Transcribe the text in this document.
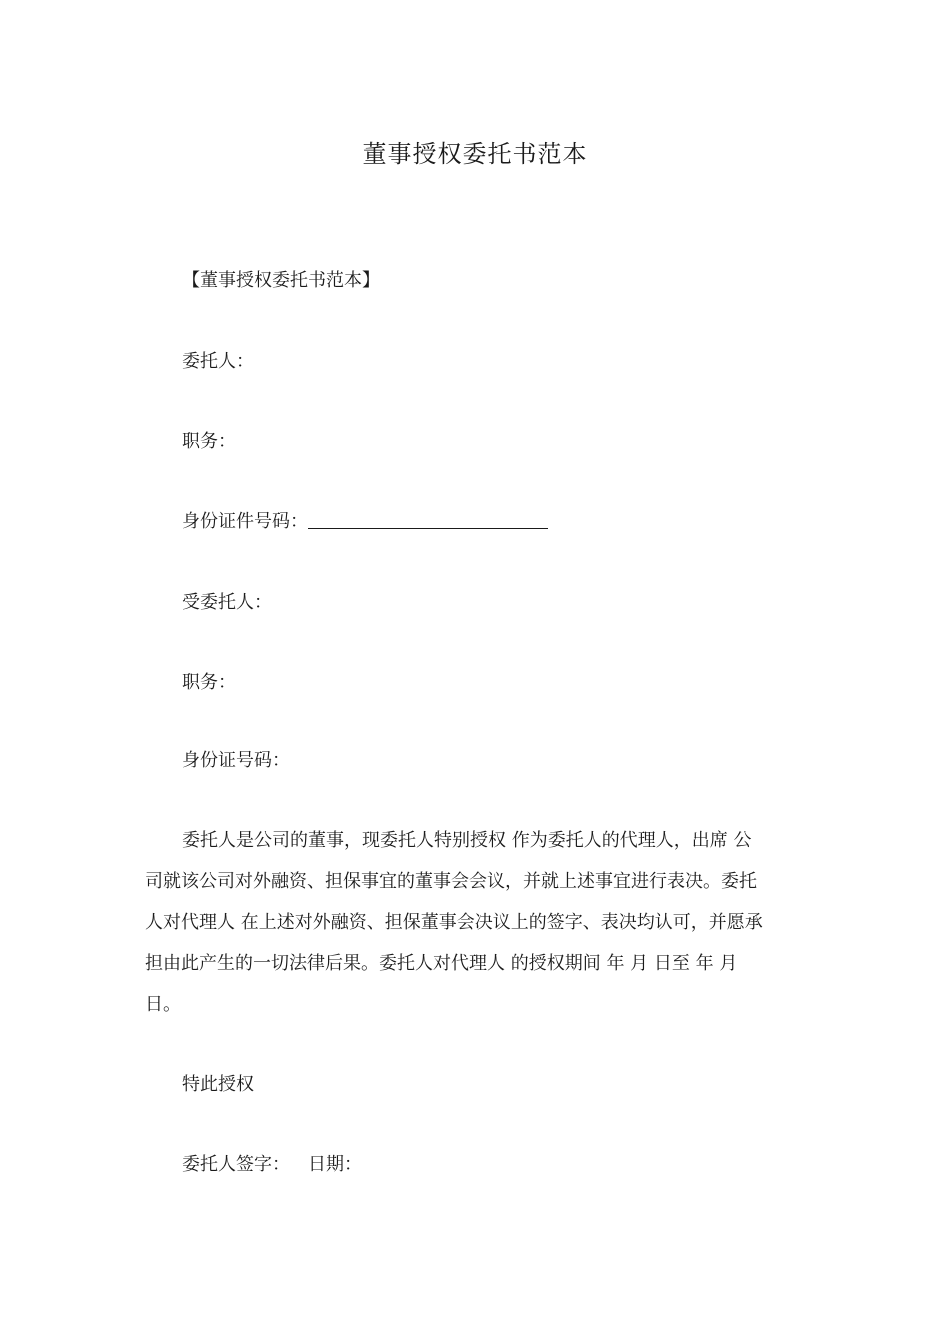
董事授权委托书范本
【董事授权委托书范本】
委托人：
职务：
身份证件号码：
受委托人：
职务：
身份证号码：
委托人是公司的董事，现委托人特别授权 作为委托人的代理人，出席 公
司就该公司对外融资、担保事宜的董事会会议，并就上述事宜进行表决。委托
人对代理人 在上述对外融资、担保董事会决议上的签字、表决均认可，并愿承
担由此产生的一切法律后果。委托人对代理人 的授权期间 年 月 日至 年 月
日。
特此授权
委托人签字： 日期：
